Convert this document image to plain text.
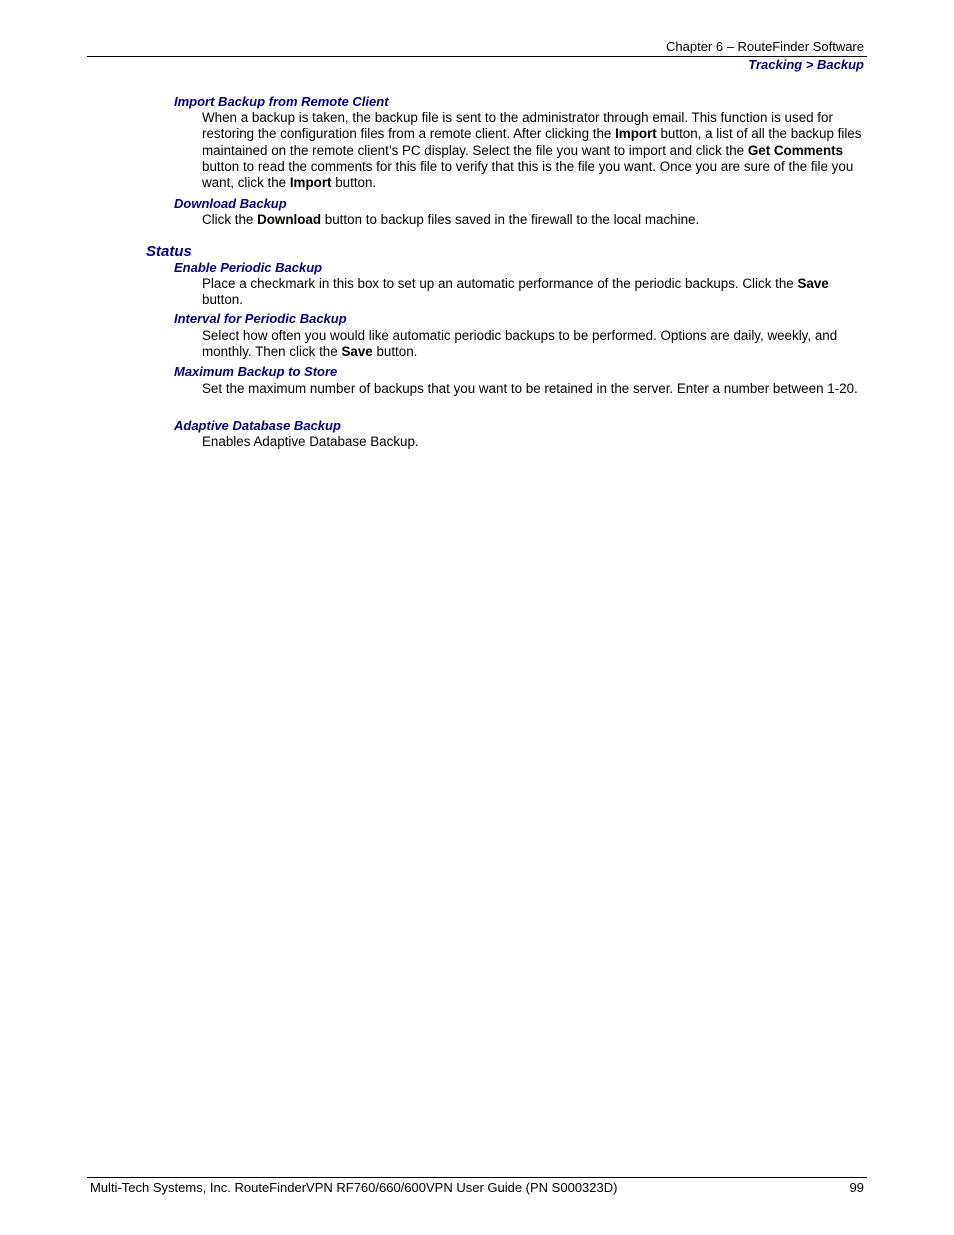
Chapter 6 – RouteFinder Software
Tracking > Backup
Import Backup from Remote Client
When a backup is taken, the backup file is sent to the administrator through email. This function is used for restoring the configuration files from a remote client. After clicking the Import button, a list of all the backup files maintained on the remote client’s PC display. Select the file you want to import and click the Get Comments button to read the comments for this file to verify that this is the file you want. Once you are sure of the file you want, click the Import button.
Download Backup
Click the Download button to backup files saved in the firewall to the local machine.
Status
Enable Periodic Backup
Place a checkmark in this box to set up an automatic performance of the periodic backups. Click the Save button.
Interval for Periodic Backup
Select how often you would like automatic periodic backups to be performed. Options are daily, weekly, and monthly. Then click the Save button.
Maximum Backup to Store
Set the maximum number of backups that you want to be retained in the server. Enter a number between 1-20.
Adaptive Database Backup
Enables Adaptive Database Backup.
Multi-Tech Systems, Inc. RouteFinderVPN RF760/660/600VPN User Guide (PN S000323D)	99
